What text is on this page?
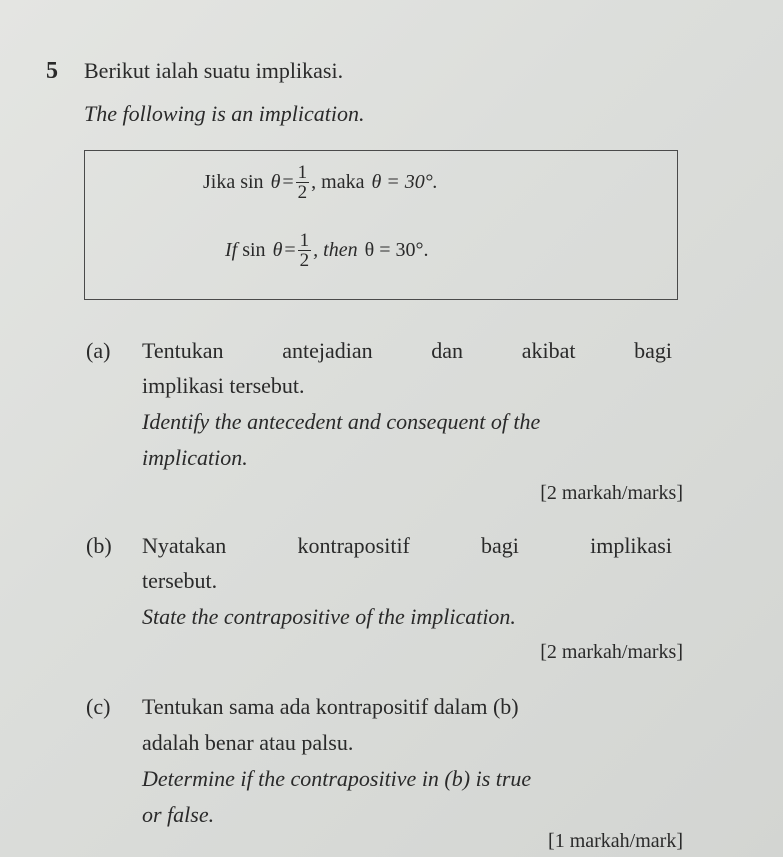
5 Berikut ialah suatu implikasi.
The following is an implication.
Jika
sin
$\theta = \frac{1}{2}$ , maka
θ = 30°.
If
sin
$\theta = \frac{1}{2}$ , then
θ = 30°.
(a) Tentukan	antejadian	dan	akibat	bagi
implikasi tersebut.
Identify the antecedent and consequent of the
implication.
[2 markah/marks]
(b) Nyatakan	kontrapositif	bagi	implikasi
tersebut.
State the contrapositive of the implication.
[2 markah/marks]
(c) Tentukan sama ada kontrapositif dalam (b)
adalah benar atau palsu.
Determine if the contrapositive in (b) is true
or false.
[1 markah/mark]
